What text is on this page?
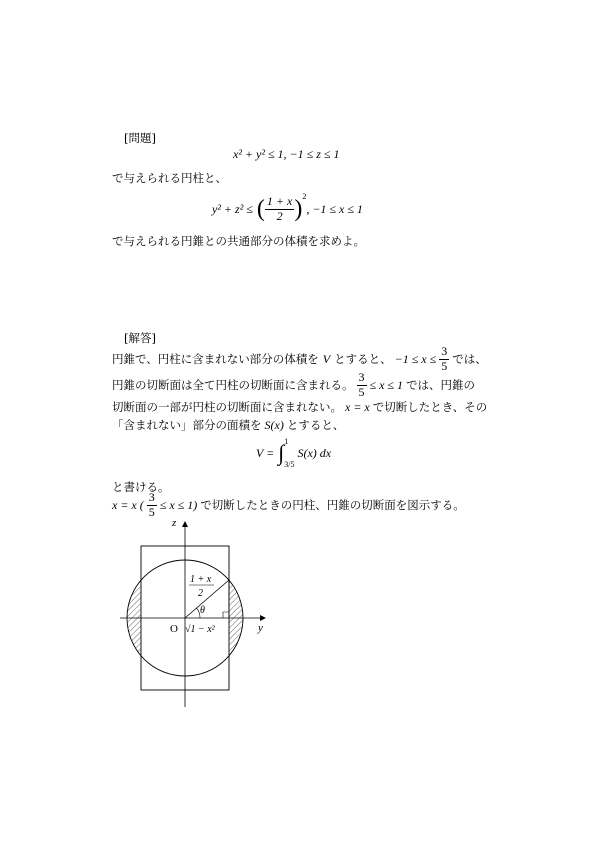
[問題]
x² + y² ≤ 1, −1 ≤ z ≤ 1
で与えられる円柱と、
y² + z² ≤ ( $\frac{1 + x}{2} )^2$
, −1 ≤ x ≤ 1
で与えられる円錐との共通部分の体積を求めよ。
[解答]
円錐で、円柱に含まれない部分の体積を V とすると、 $-1 \le x \le \frac{3}{5}$ では、
円錐の切断面は全て円柱の切断面に含まれる。 $\frac{3}{5} \le x \le 1$ では、円錐の
切断面の一部が円柱の切断面に含まれない。 x = x で切断したとき、その
「含まれない」部分の面積を S(x) とすると、
V = ∫ 1
3/5
S(x) dx
と書ける。
x = x ( $\frac{3}{5} \le x \le 1$) で切断したときの円柱、円錐の切断面を図示する。
z
y
O
1 + x
2
θ
√1 − x²
